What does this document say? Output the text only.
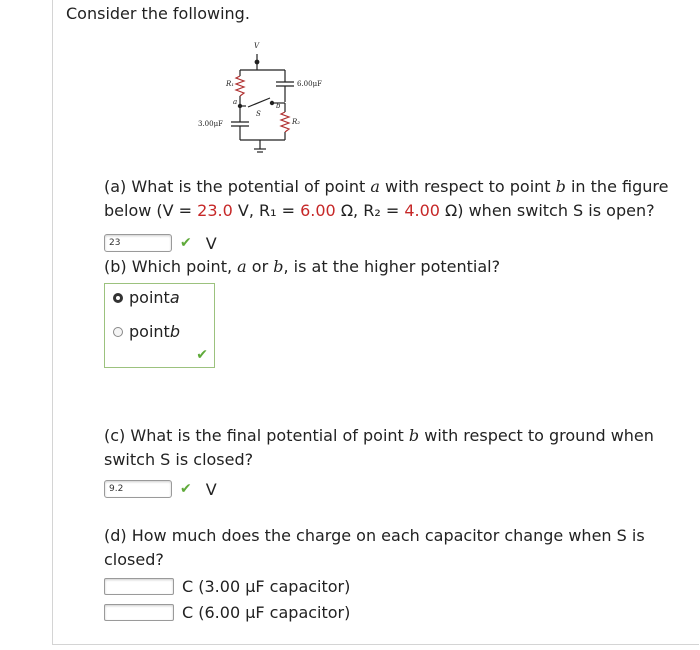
Consider the following.
V
R₁
R₂
6.00μF
3.00μF
a	b
S
(a) What is the potential of point a with respect to point b in the figure
below (V = 23.0 V, R₁ = 6.00 Ω, R₂ = 4.00 Ω) when switch S is open?
23	✔ V
(b) Which point, a or b, is at the higher potential?
point a
point b
✔
(c) What is the final potential of point b with respect to ground when
switch S is closed?
9.2	✔ V
(d) How much does the charge on each capacitor change when S is
closed?
C (3.00 μF capacitor)
C (6.00 μF capacitor)
